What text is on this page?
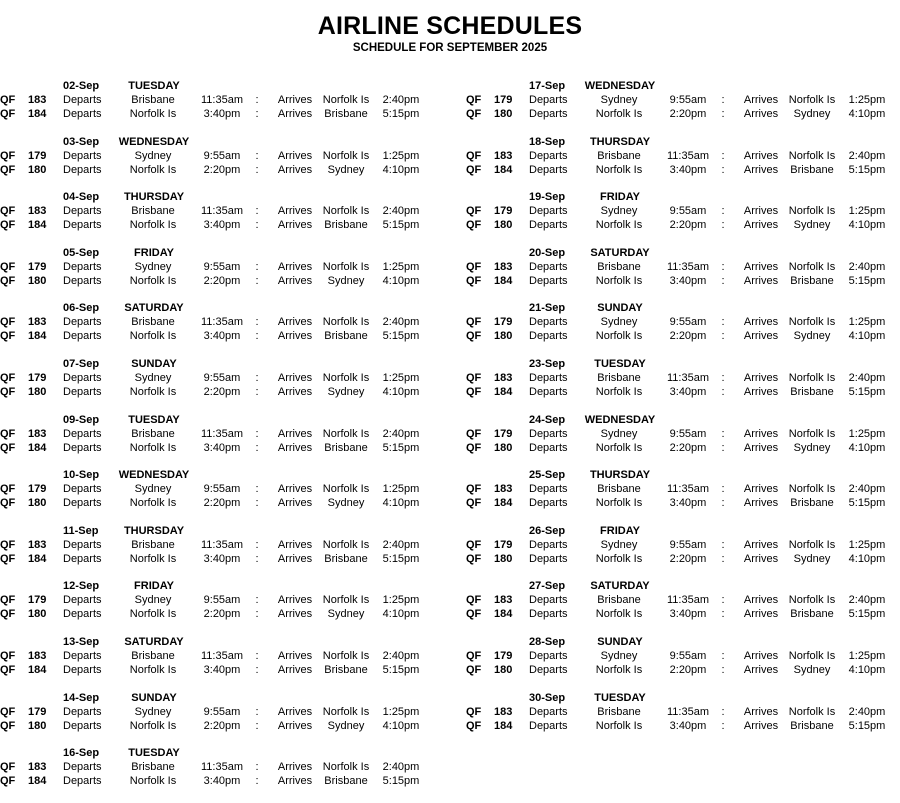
AIRLINE SCHEDULES
SCHEDULE FOR SEPTEMBER 2025
02-Sep	TUESDAY
QF	183	Departs	Brisbane	11:35am	:	Arrives Norfolk Is	2:40pm
QF	184	Departs	Norfolk Is	3:40pm	:	Arrives	Brisbane	5:15pm
03-Sep	WEDNESDAY
QF	179	Departs	Sydney	9:55am	:	Arrives Norfolk Is	1:25pm
QF	180	Departs	Norfolk Is	2:20pm	:	Arrives	Sydney	4:10pm
04-Sep	THURSDAY
QF	183	Departs	Brisbane	11:35am	:	Arrives Norfolk Is	2:40pm
QF	184	Departs	Norfolk Is	3:40pm	:	Arrives	Brisbane	5:15pm
05-Sep	FRIDAY
QF	179	Departs	Sydney	9:55am	:	Arrives Norfolk Is	1:25pm
QF	180	Departs	Norfolk Is	2:20pm	:	Arrives	Sydney	4:10pm
06-Sep	SATURDAY
QF	183	Departs	Brisbane	11:35am	:	Arrives Norfolk Is	2:40pm
QF	184	Departs	Norfolk Is	3:40pm	:	Arrives	Brisbane	5:15pm
07-Sep	SUNDAY
QF	179	Departs	Sydney	9:55am	:	Arrives Norfolk Is	1:25pm
QF	180	Departs	Norfolk Is	2:20pm	:	Arrives	Sydney	4:10pm
09-Sep	TUESDAY
QF	183	Departs	Brisbane	11:35am	:	Arrives Norfolk Is	2:40pm
QF	184	Departs	Norfolk Is	3:40pm	:	Arrives	Brisbane	5:15pm
10-Sep	WEDNESDAY
QF	179	Departs	Sydney	9:55am	:	Arrives Norfolk Is	1:25pm
QF	180	Departs	Norfolk Is	2:20pm	:	Arrives	Sydney	4:10pm
11-Sep	THURSDAY
QF	183	Departs	Brisbane	11:35am	:	Arrives Norfolk Is	2:40pm
QF	184	Departs	Norfolk Is	3:40pm	:	Arrives	Brisbane	5:15pm
12-Sep	FRIDAY
QF	179	Departs	Sydney	9:55am	:	Arrives Norfolk Is	1:25pm
QF	180	Departs	Norfolk Is	2:20pm	:	Arrives	Sydney	4:10pm
13-Sep	SATURDAY
QF	183	Departs	Brisbane	11:35am	:	Arrives Norfolk Is	2:40pm
QF	184	Departs	Norfolk Is	3:40pm	:	Arrives	Brisbane	5:15pm
14-Sep	SUNDAY
QF	179	Departs	Sydney	9:55am	:	Arrives Norfolk Is	1:25pm
QF	180	Departs	Norfolk Is	2:20pm	:	Arrives	Sydney	4:10pm
16-Sep	TUESDAY
QF	183	Departs	Brisbane	11:35am	:	Arrives Norfolk Is	2:40pm
QF	184	Departs	Norfolk Is	3:40pm	:	Arrives	Brisbane	5:15pm
17-Sep	WEDNESDAY
QF	179	Departs	Sydney	9:55am	:	Arrives Norfolk Is	1:25pm
QF	180	Departs	Norfolk Is	2:20pm	:	Arrives	Sydney	4:10pm
18-Sep	THURSDAY
QF	183	Departs	Brisbane	11:35am	:	Arrives Norfolk Is	2:40pm
QF	184	Departs	Norfolk Is	3:40pm	:	Arrives	Brisbane	5:15pm
19-Sep	FRIDAY
QF	179	Departs	Sydney	9:55am	:	Arrives Norfolk Is	1:25pm
QF	180	Departs	Norfolk Is	2:20pm	:	Arrives	Sydney	4:10pm
20-Sep	SATURDAY
QF	183	Departs	Brisbane	11:35am	:	Arrives Norfolk Is	2:40pm
QF	184	Departs	Norfolk Is	3:40pm	:	Arrives	Brisbane	5:15pm
21-Sep	SUNDAY
QF	179	Departs	Sydney	9:55am	:	Arrives Norfolk Is	1:25pm
QF	180	Departs	Norfolk Is	2:20pm	:	Arrives	Sydney	4:10pm
23-Sep	TUESDAY
QF	183	Departs	Brisbane	11:35am	:	Arrives Norfolk Is	2:40pm
QF	184	Departs	Norfolk Is	3:40pm	:	Arrives	Brisbane	5:15pm
24-Sep	WEDNESDAY
QF	179	Departs	Sydney	9:55am	:	Arrives Norfolk Is	1:25pm
QF	180	Departs	Norfolk Is	2:20pm	:	Arrives	Sydney	4:10pm
25-Sep	THURSDAY
QF	183	Departs	Brisbane	11:35am	:	Arrives Norfolk Is	2:40pm
QF	184	Departs	Norfolk Is	3:40pm	:	Arrives	Brisbane	5:15pm
26-Sep	FRIDAY
QF	179	Departs	Sydney	9:55am	:	Arrives Norfolk Is	1:25pm
QF	180	Departs	Norfolk Is	2:20pm	:	Arrives	Sydney	4:10pm
27-Sep	SATURDAY
QF	183	Departs	Brisbane	11:35am	:	Arrives Norfolk Is	2:40pm
QF	184	Departs	Norfolk Is	3:40pm	:	Arrives	Brisbane	5:15pm
28-Sep	SUNDAY
QF	179	Departs	Sydney	9:55am	:	Arrives Norfolk Is	1:25pm
QF	180	Departs	Norfolk Is	2:20pm	:	Arrives	Sydney	4:10pm
30-Sep	TUESDAY
QF	183	Departs	Brisbane	11:35am	:	Arrives Norfolk Is	2:40pm
QF	184	Departs	Norfolk Is	3:40pm	:	Arrives	Brisbane	5:15pm
